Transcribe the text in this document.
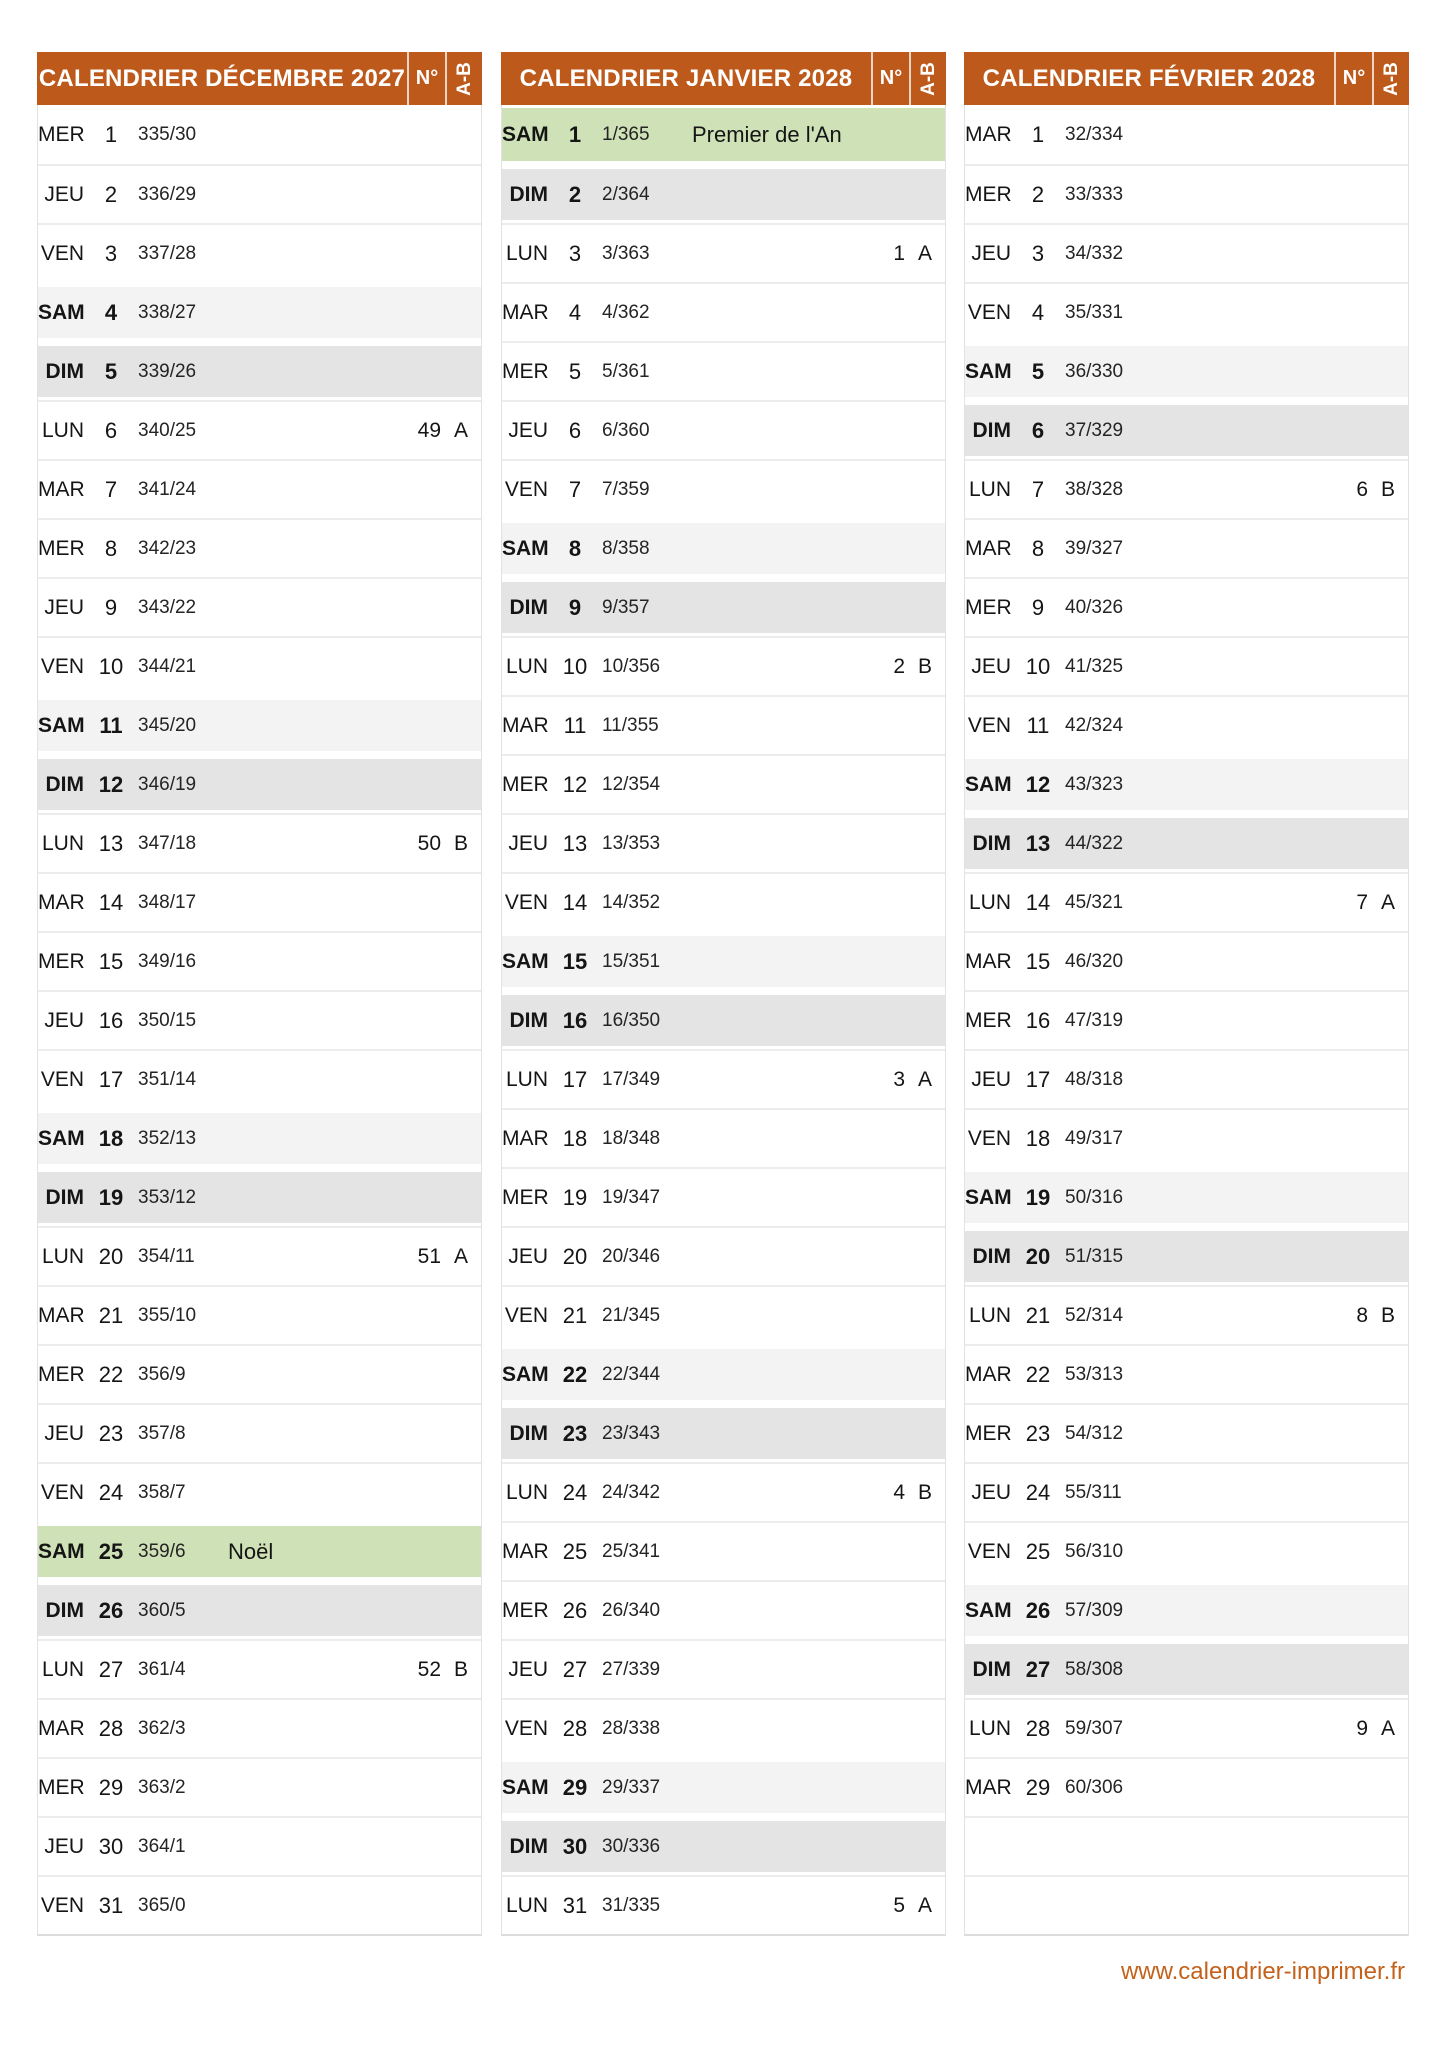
CALENDRIER DÉCEMBRE 2027 N° A-B
MER 1	335/30
JEU 2	336/29
VEN 3	337/28
SAM 4	338/27
DIM 5	339/26
LUN 6	340/25	49 A
MAR 7	341/24
MER 8	342/23
JEU 9	343/22
VEN 10 344/21
SAM 11 345/20
DIM 12 346/19
LUN 13 347/18	50 B
MAR 14 348/17
MER 15 349/16
JEU 16 350/15
VEN 17 351/14
SAM 18 352/13
DIM 19 353/12
LUN 20 354/11	51 A
MAR 21 355/10
MER 22 356/9
JEU 23 357/8
VEN 24 358/7
SAM 25 359/6	Noël
DIM 26 360/5
LUN 27 361/4	52 B
MAR 28 362/3
MER 29 363/2
JEU 30 364/1
VEN 31 365/0
CALENDRIER JANVIER 2028	N° A-B
SAM 1	1/365	Premier de l'An
DIM 2	2/364
LUN 3	3/363	1 A
MAR 4	4/362
MER 5	5/361
JEU 6	6/360
VEN 7	7/359
SAM 8	8/358
DIM 9	9/357
LUN 10 10/356	2 B
MAR 11 11/355
MER 12 12/354
JEU 13 13/353
VEN 14 14/352
SAM 15 15/351
DIM 16 16/350
LUN 17 17/349	3 A
MAR 18 18/348
MER 19 19/347
JEU 20 20/346
VEN 21 21/345
SAM 22 22/344
DIM 23 23/343
LUN 24 24/342	4 B
MAR 25 25/341
MER 26 26/340
JEU 27 27/339
VEN 28 28/338
SAM 29 29/337
DIM 30 30/336
LUN 31 31/335	5 A
CALENDRIER FÉVRIER 2028	N° A-B
MAR 1	32/334
MER 2	33/333
JEU 3	34/332
VEN 4	35/331
SAM 5	36/330
DIM 6	37/329
LUN 7	38/328	6 B
MAR 8	39/327
MER 9	40/326
JEU 10 41/325
VEN 11 42/324
SAM 12 43/323
DIM 13 44/322
LUN 14 45/321	7 A
MAR 15 46/320
MER 16 47/319
JEU 17 48/318
VEN 18 49/317
SAM 19 50/316
DIM 20 51/315
LUN 21 52/314	8 B
MAR 22 53/313
MER 23 54/312
JEU 24 55/311
VEN 25 56/310
SAM 26 57/309
DIM 27 58/308
LUN 28 59/307	9 A
MAR 29 60/306
www.calendrier-imprimer.fr
